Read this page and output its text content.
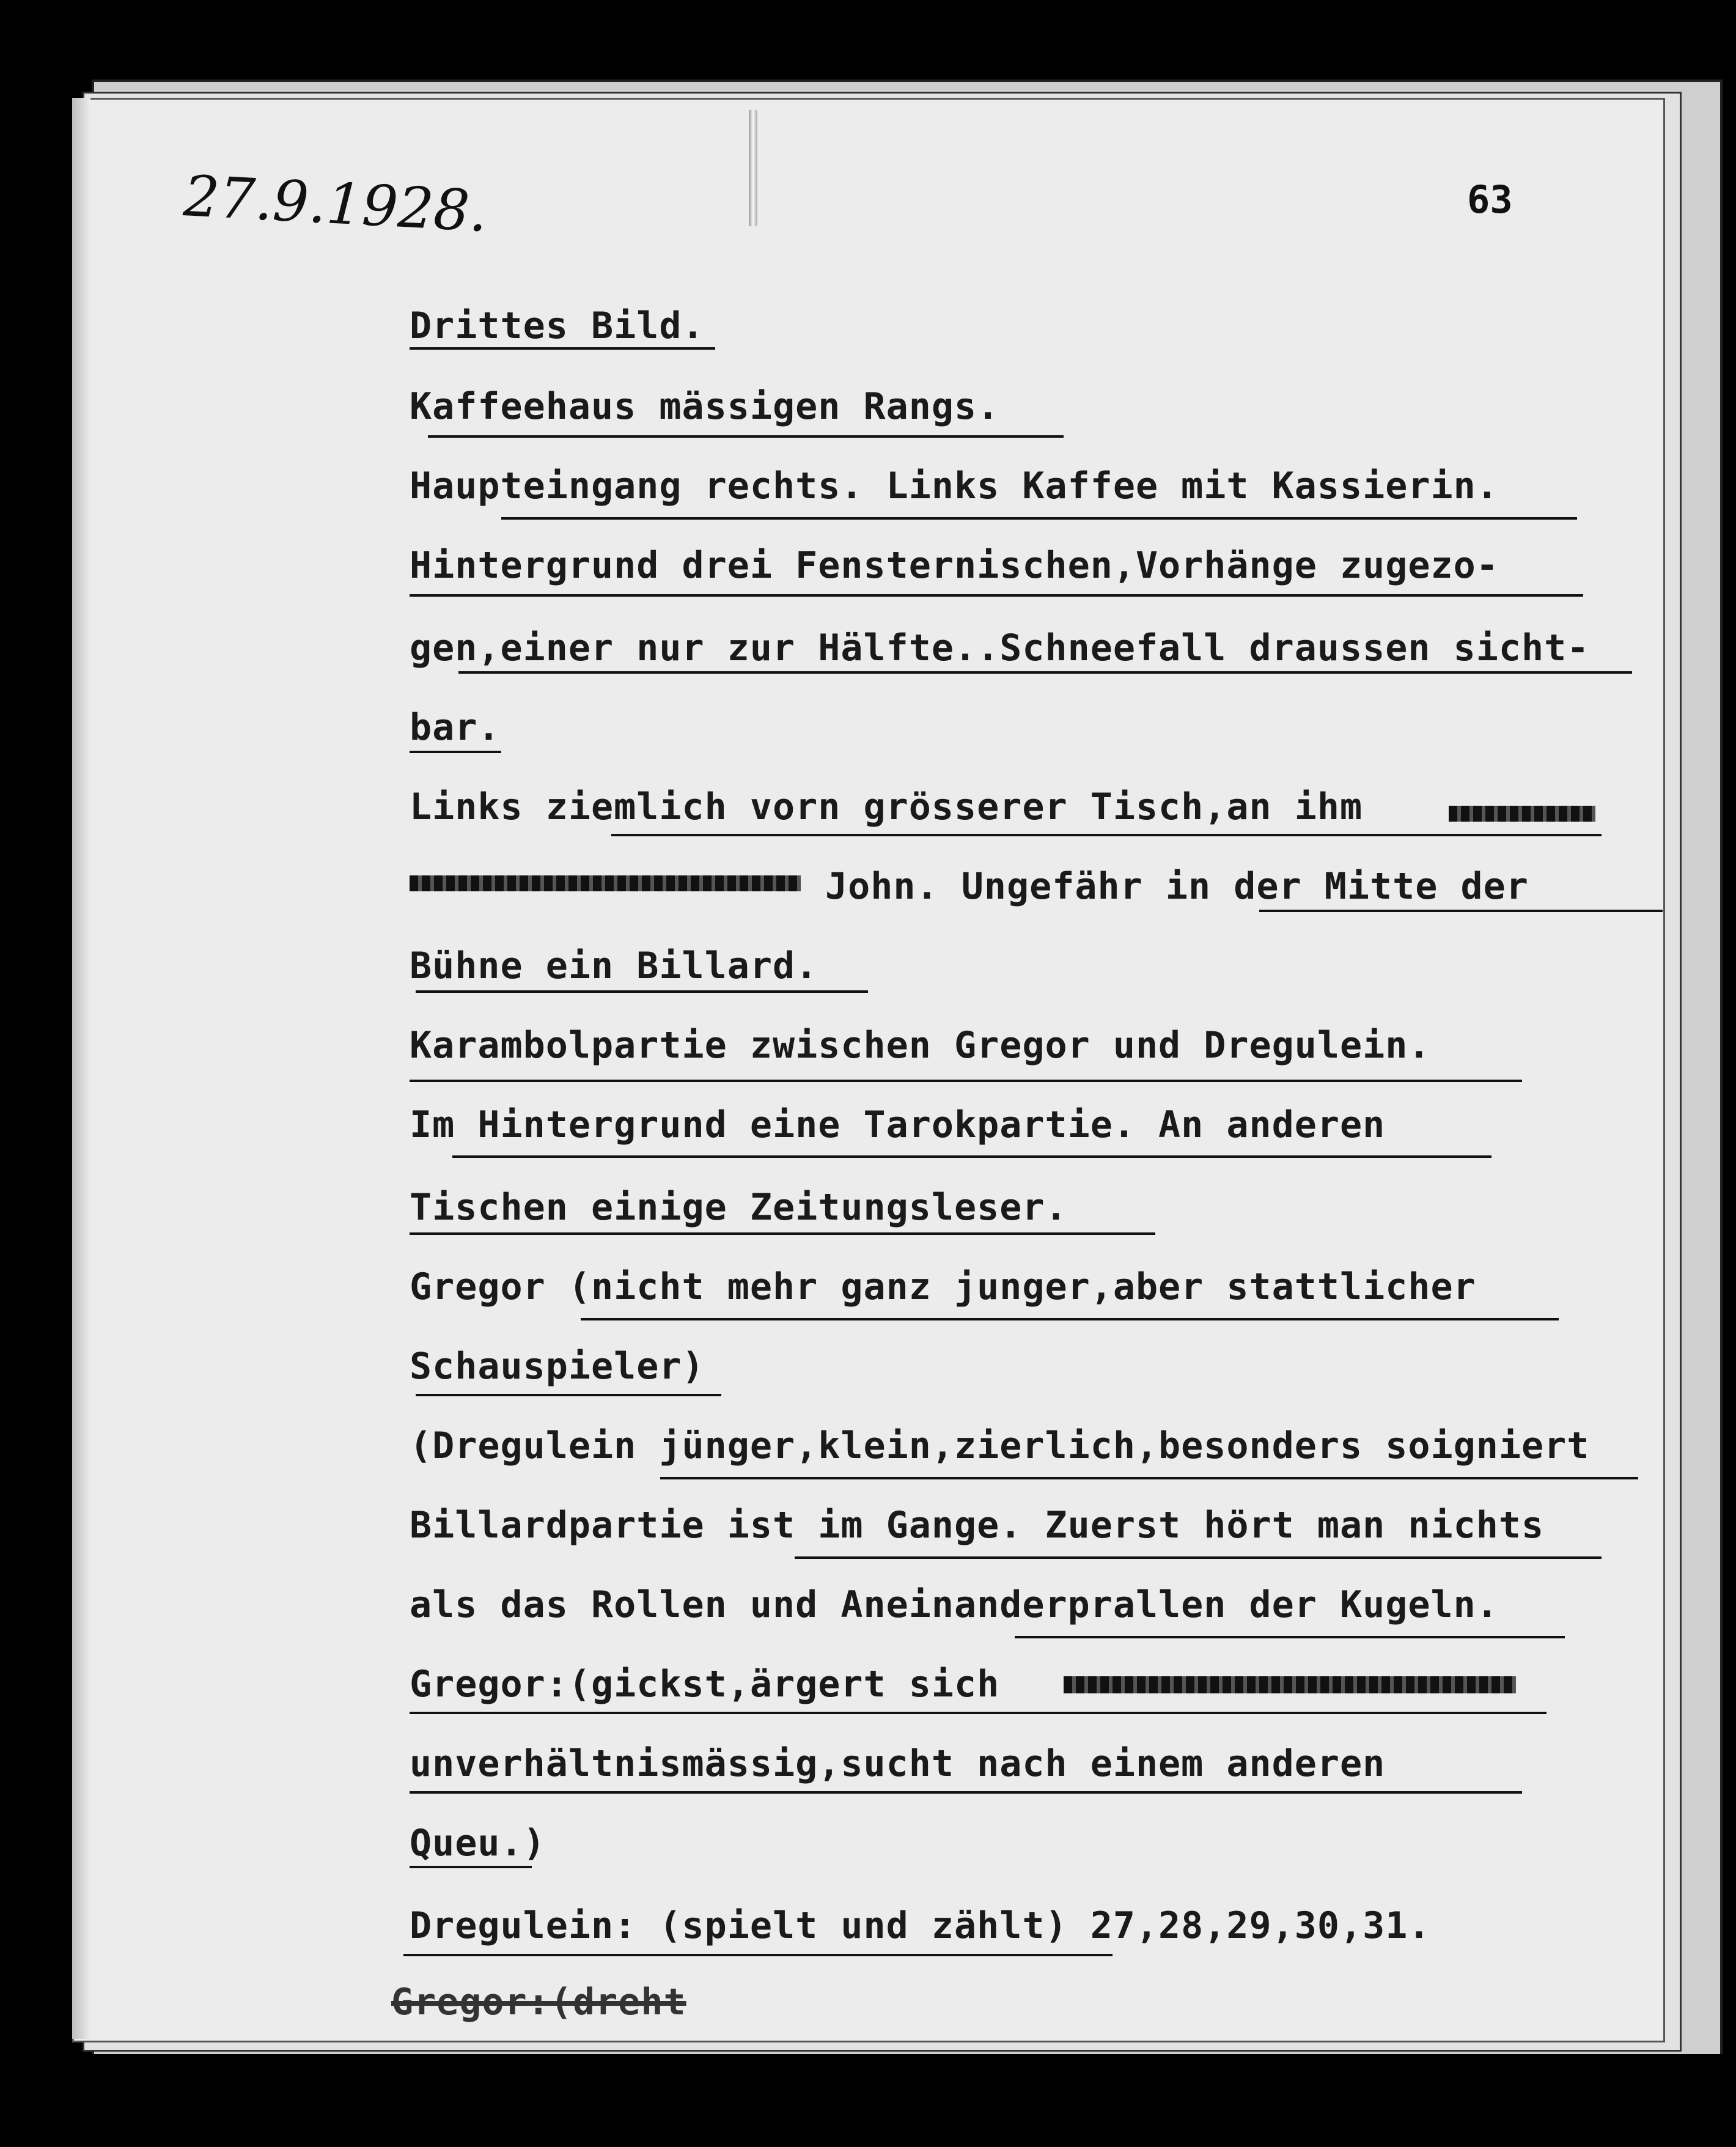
27.9.1928.	63
Drittes Bild.
Kaffeehaus mässigen Rangs.
Haupteingang rechts. Links Kaffee mit Kassierin.
Hintergrund drei Fensternischen,Vorhänge zugezo-
gen,einer nur zur Hälfte..Schneefall draussen sicht-
bar.
Links ziemlich vorn grösserer Tisch,an ihm
John. Ungefähr in der Mitte der
Bühne ein Billard.
Karambolpartie zwischen Gregor und Dregulein.
Im Hintergrund eine Tarokpartie. An anderen
Tischen einige Zeitungsleser.
Gregor (nicht mehr ganz junger,aber stattlicher
Schauspieler)
(Dregulein jünger,klein,zierlich,besonders soigniert
Billardpartie ist im Gange. Zuerst hört man nichts
als das Rollen und Aneinanderprallen der Kugeln.
Gregor:(gickst,ärgert sich
unverhältnismässig,sucht nach einem anderen
Queu.)
Dregulein: (spielt und zählt) 27,28,29,30,31.
Gregor:(dreht
